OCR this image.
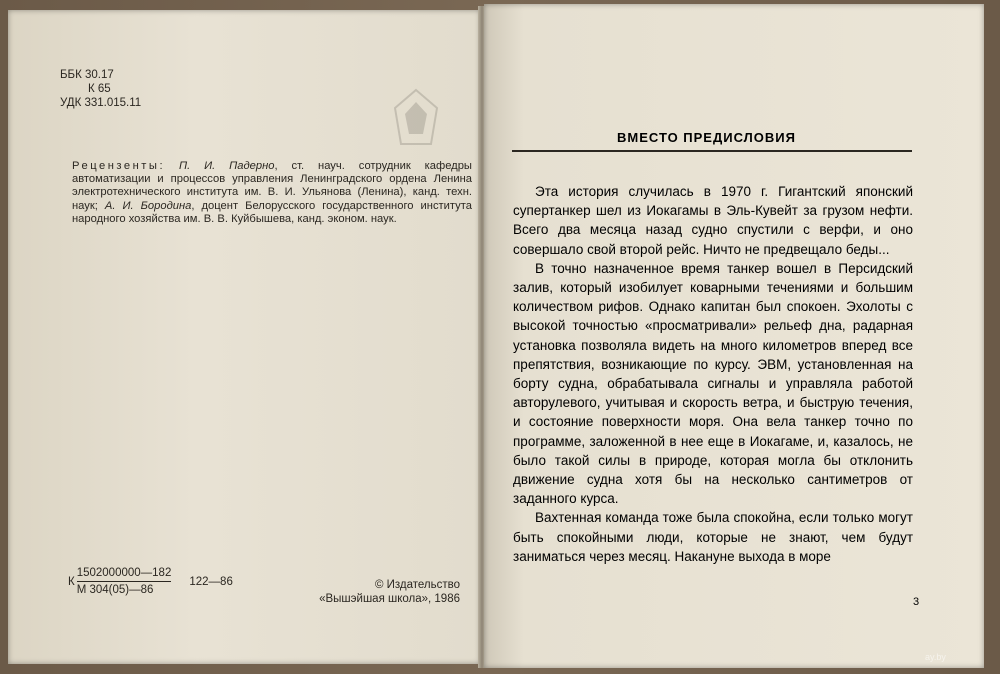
ББК 30.17
К 65
УДК 331.015.11
Рецензенты: П. И. Падерно, ст. науч. сотрудник кафедры автоматизации и процессов управления Ленинградского ордена Ленина электротехнического института им. В. И. Ульянова (Ленина), канд. техн. наук; А. И. Бородина, доцент Белорусского государственного института народного хозяйства им. В. В. Куйбышева, канд. эконом. наук.
К $\frac{1502000000—182}{М 304(05)—86}$ 122—86	© Издательство
«Вышэйшая школа», 1986
ВМЕСТО ПРЕДИСЛОВИЯ

Эта история случилась в 1970 г. Гигантский японский супертанкер шел из Иокагамы в Эль-Кувейт за грузом нефти. Всего два месяца назад судно спустили с верфи, и оно совершало свой второй рейс. Ничто не предвещало беды...

В точно назначенное время танкер вошел в Персидский залив, который изобилует коварными течениями и большим количеством рифов. Однако капитан был спокоен. Эхолоты с высокой точностью «просматривали» рельеф дна, радарная установка позволяла видеть на много километров вперед все препятствия, возникающие по курсу. ЭВМ, установленная на борту судна, обрабатывала сигналы и управляла работой авторулевого, учитывая и скорость ветра, и быструю течения, и состояние поверхности моря. Она вела танкер точно по программе, заложенной в нее еще в Иокагаме, и, казалось, не было такой силы в природе, которая могла бы отклонить движение судна хотя бы на несколько сантиметров от заданного курса.

Вахтенная команда тоже была спокойна, если только могут быть спокойными люди, которые не знают, чем будут заниматься через месяц. Накануне выхода в море

3
ay.by
